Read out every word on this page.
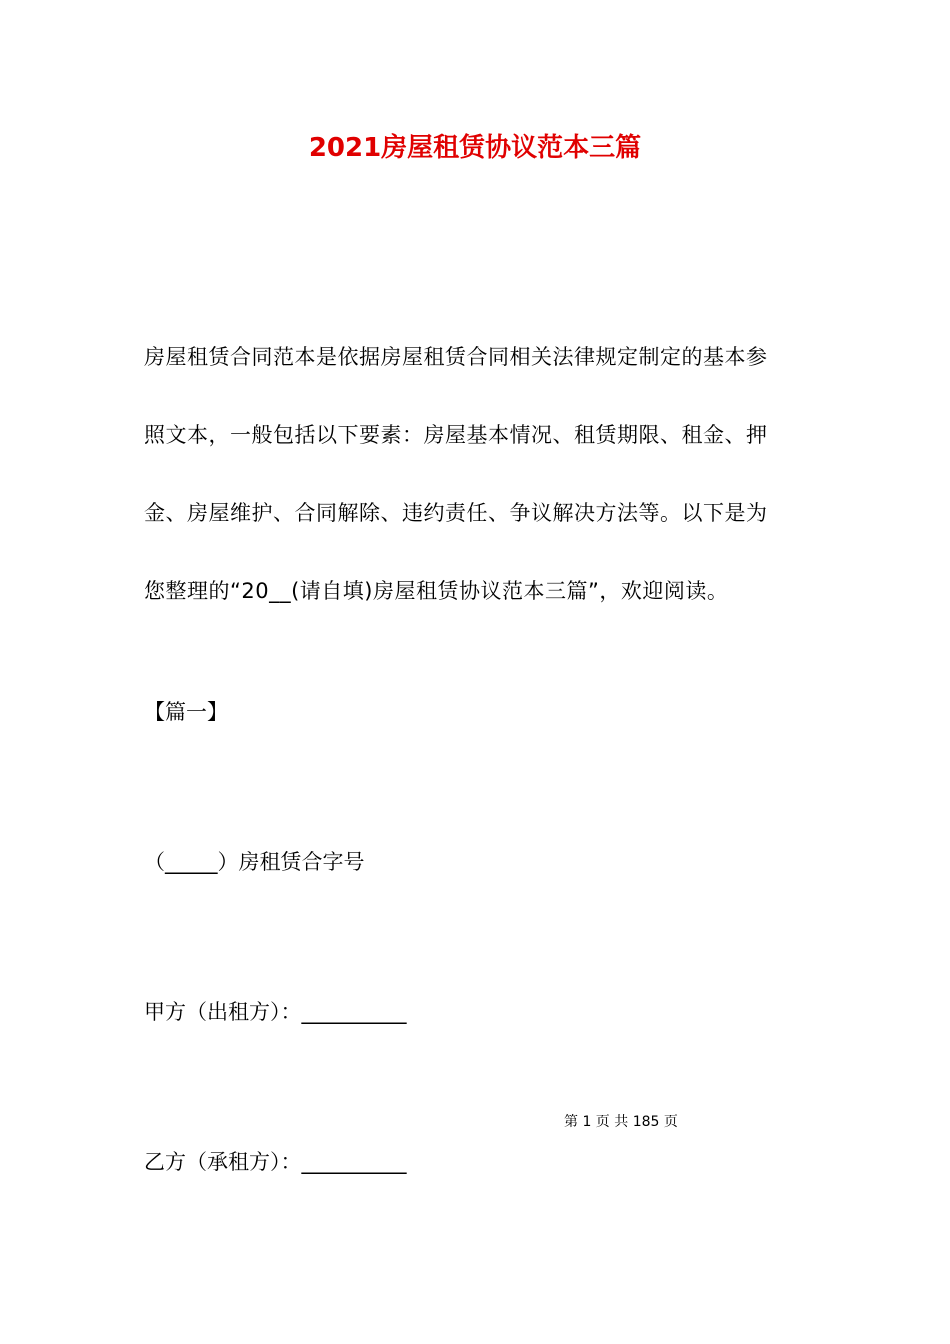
2021房屋租赁协议范本三篇
房屋租赁合同范本是依据房屋租赁合同相关法律规定制定的基本参
照文本，一般包括以下要素：房屋基本情况、租赁期限、租金、押
金、房屋维护、合同解除、违约责任、争议解决方法等。以下是为
您整理的“20__(请自填)房屋租赁协议范本三篇”，欢迎阅读。

【篇一】

（_____）房租赁合字号

甲方（出租方）：__________

第 1 页 共 185 页

乙方（承租方）：__________
